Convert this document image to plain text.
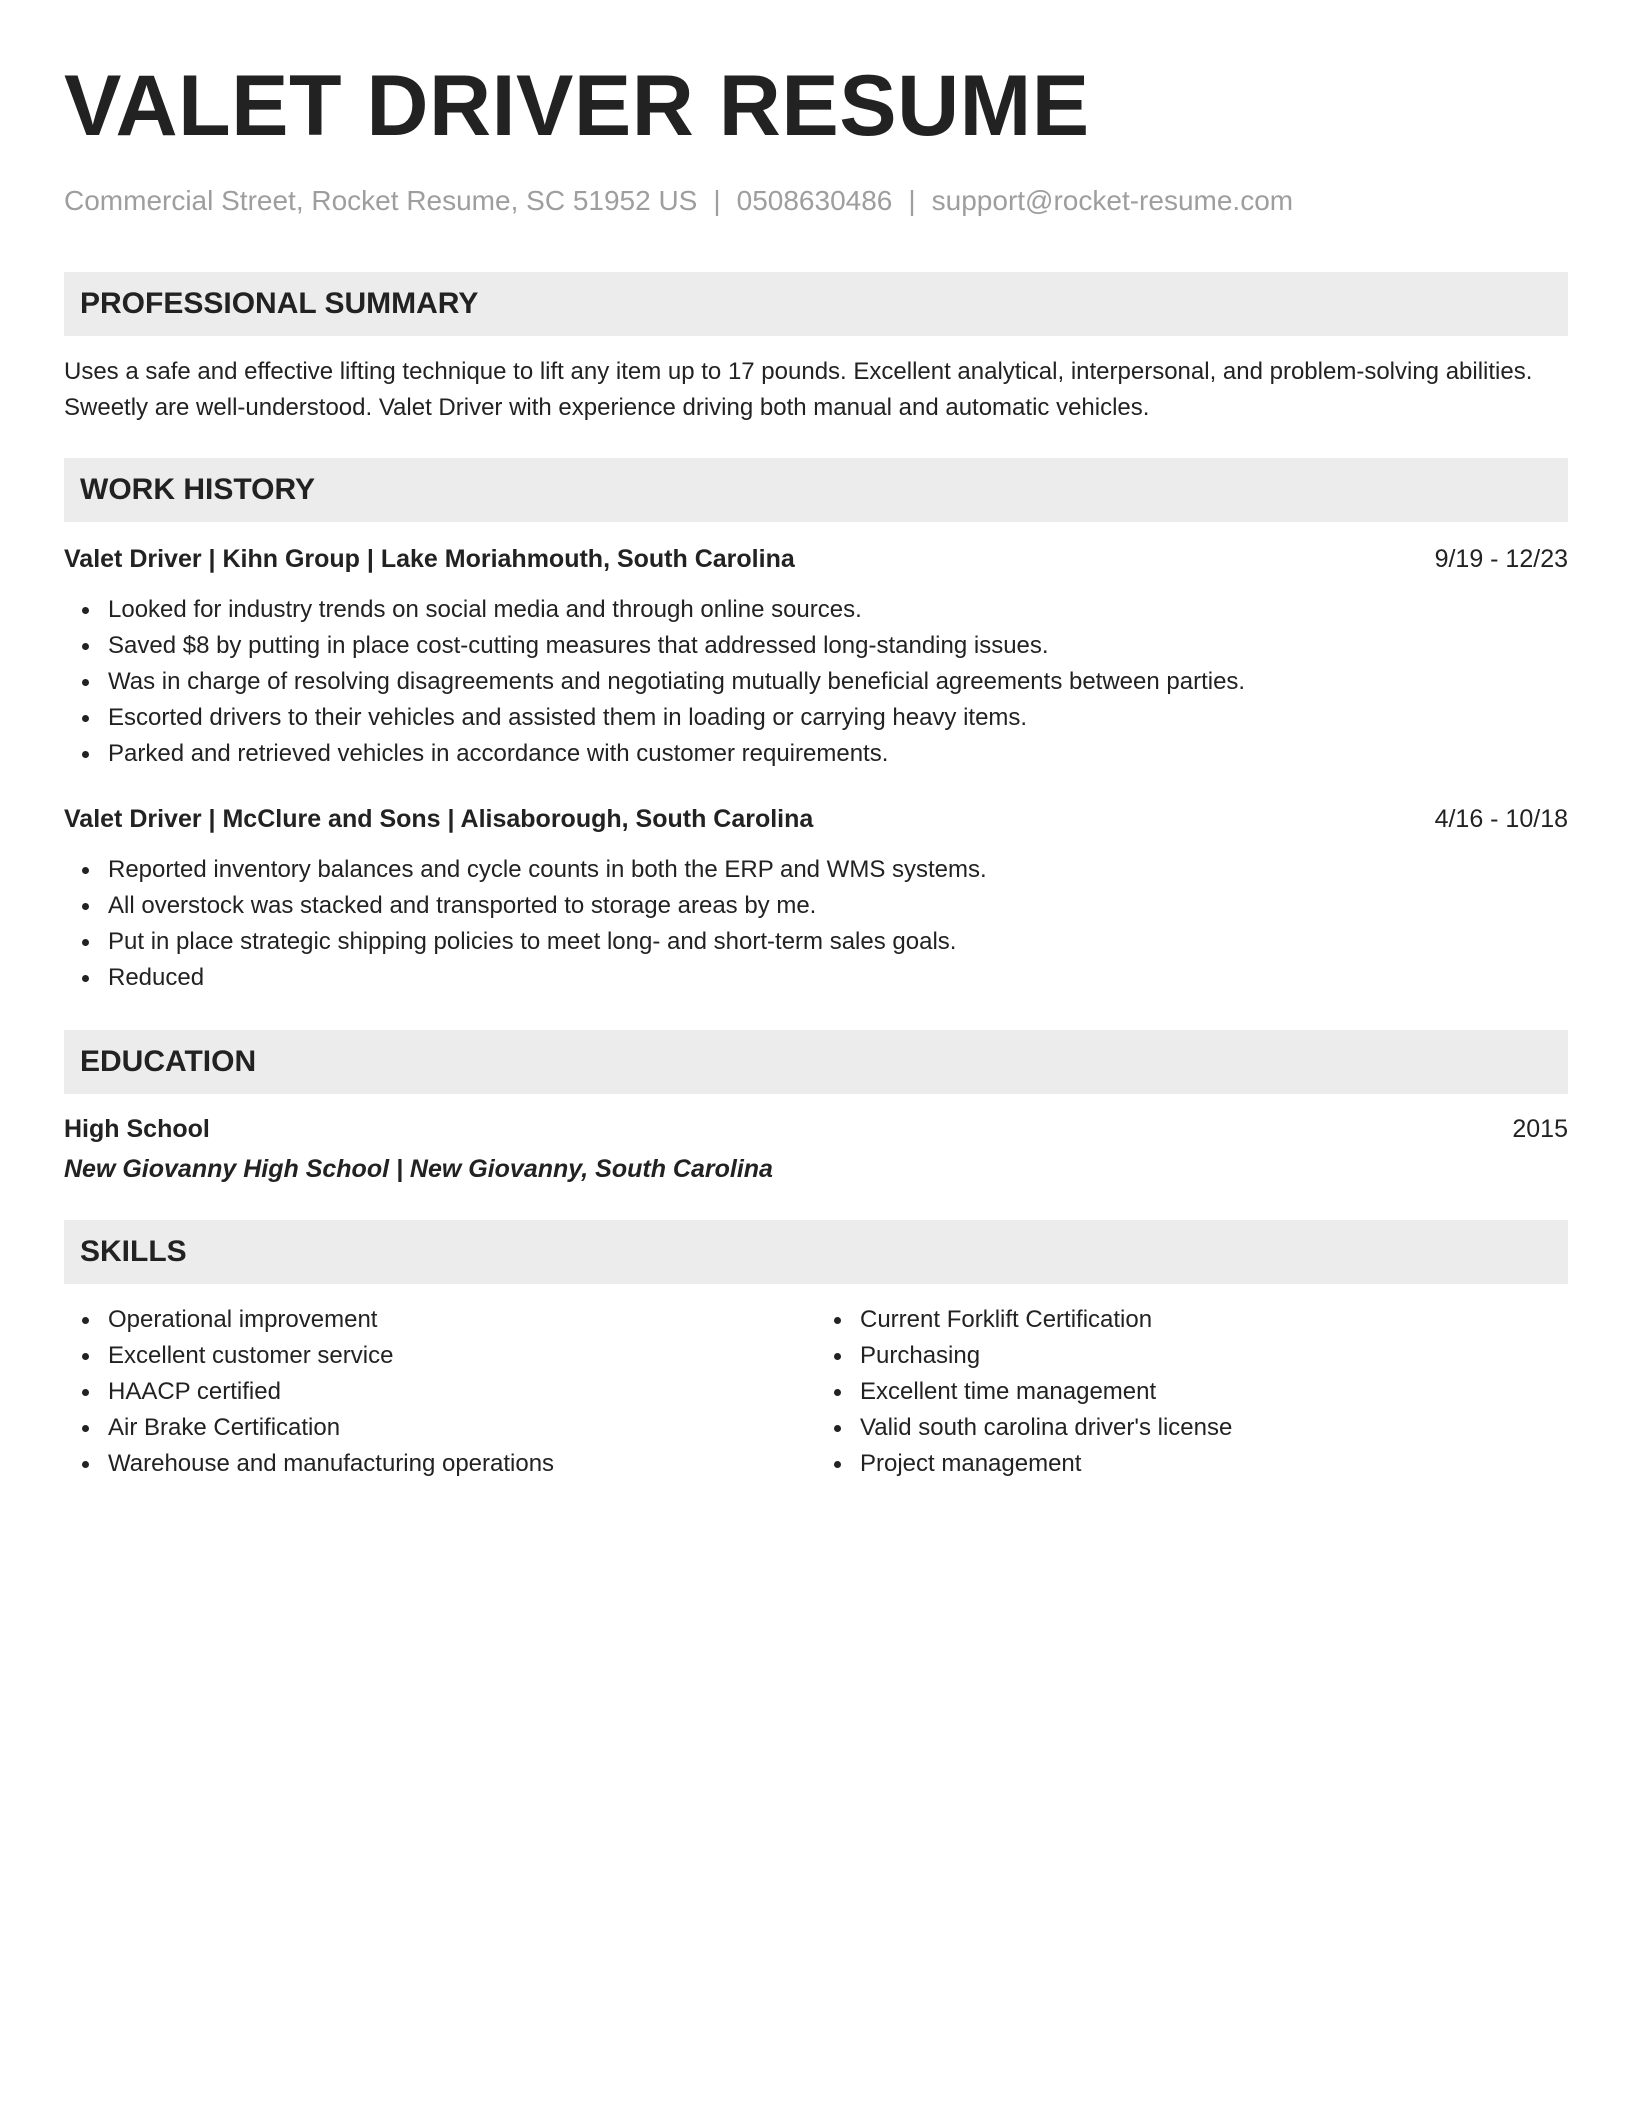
VALET DRIVER RESUME
Commercial Street, Rocket Resume, SC 51952 US | 0508630486 | support@rocket-resume.com
PROFESSIONAL SUMMARY
Uses a safe and effective lifting technique to lift any item up to 17 pounds. Excellent analytical, interpersonal, and problem-solving abilities. Sweetly are well-understood. Valet Driver with experience driving both manual and automatic vehicles.
WORK HISTORY
Valet Driver | Kihn Group | Lake Moriahmouth, South Carolina	9/19 - 12/23
Looked for industry trends on social media and through online sources.
Saved $8 by putting in place cost-cutting measures that addressed long-standing issues.
Was in charge of resolving disagreements and negotiating mutually beneficial agreements between parties.
Escorted drivers to their vehicles and assisted them in loading or carrying heavy items.
Parked and retrieved vehicles in accordance with customer requirements.
Valet Driver | McClure and Sons | Alisaborough, South Carolina	4/16 - 10/18
Reported inventory balances and cycle counts in both the ERP and WMS systems.
All overstock was stacked and transported to storage areas by me.
Put in place strategic shipping policies to meet long- and short-term sales goals.
Reduced
EDUCATION
High School	2015
New Giovanny High School | New Giovanny, South Carolina
SKILLS
Operational improvement
Excellent customer service
HAACP certified
Air Brake Certification
Warehouse and manufacturing operations
Current Forklift Certification
Purchasing
Excellent time management
Valid south carolina driver's license
Project management
